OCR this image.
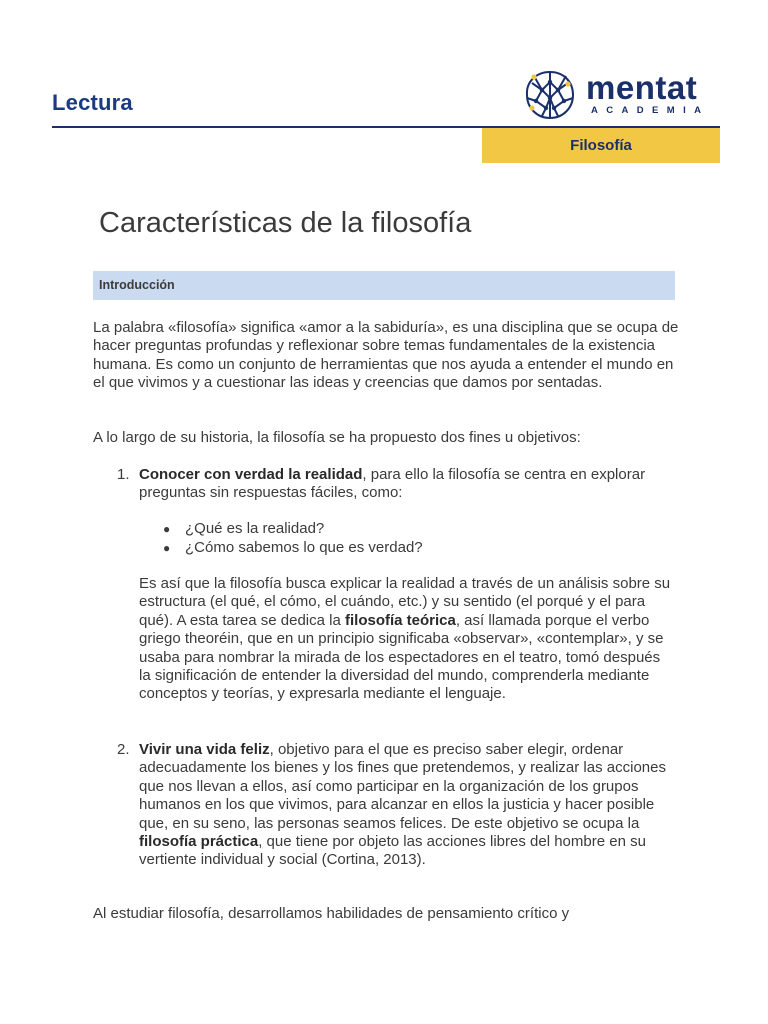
Lectura	mentat
ACADEMIA
Filosofía
Características de la filosofía
Introducción
La palabra «filosofía» significa «amor a la sabiduría», es una disciplina que se ocupa de hacer preguntas profundas y reflexionar sobre temas fundamentales de la existencia humana. Es como un conjunto de herramientas que nos ayuda a entender el mundo en el que vivimos y a cuestionar las ideas y creencias que damos por sentadas.
A lo largo de su historia, la filosofía se ha propuesto dos fines u objetivos:
1. Conocer con verdad la realidad, para ello la filosofía se centra en explorar preguntas sin respuestas fáciles, como:
● ¿Qué es la realidad?
● ¿Cómo sabemos lo que es verdad?
Es así que la filosofía busca explicar la realidad a través de un análisis sobre su estructura (el qué, el cómo, el cuándo, etc.) y su sentido (el porqué y el para qué). A esta tarea se dedica la filosofía teórica, así llamada porque el verbo griego theoréin, que en un principio significaba «observar», «contemplar», y se usaba para nombrar la mirada de los espectadores en el teatro, tomó después la significación de entender la diversidad del mundo, comprenderla mediante conceptos y teorías, y expresarla mediante el lenguaje.
2. Vivir una vida feliz, objetivo para el que es preciso saber elegir, ordenar adecuadamente los bienes y los fines que pretendemos, y realizar las acciones que nos llevan a ellos, así como participar en la organización de los grupos humanos en los que vivimos, para alcanzar en ellos la justicia y hacer posible que, en su seno, las personas seamos felices. De este objetivo se ocupa la filosofía práctica, que tiene por objeto las acciones libres del hombre en su vertiente individual y social (Cortina, 2013).
Al estudiar filosofía, desarrollamos habilidades de pensamiento crítico y
